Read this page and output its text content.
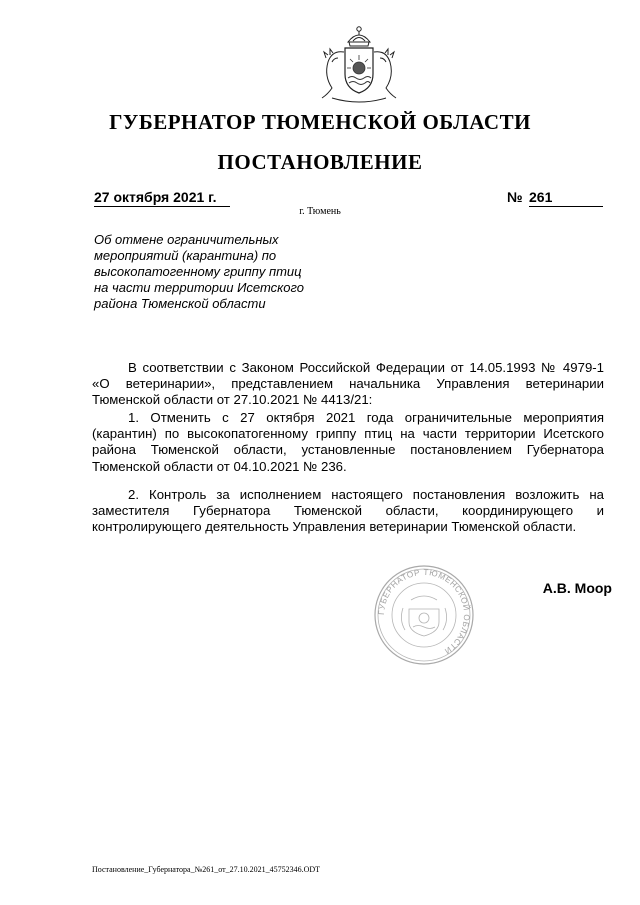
ГУБЕРНАТОР ТЮМЕНСКОЙ ОБЛАСТИ
ПОСТАНОВЛЕНИЕ
27 октября 2021 г.	№ 261
г. Тюмень
Об отмене ограничительных
мероприятий (карантина) по
высокопатогенному гриппу птиц
на части территории Исетского
района Тюменской области
В соответствии с Законом Российской Федерации от 14.05.1993 № 4979-1 «О ветеринарии», представлением начальника Управления ветеринарии Тюменской области от 27.10.2021 № 4413/21:
1. Отменить с 27 октября 2021 года ограничительные мероприятия (карантин) по высокопатогенному гриппу птиц на части территории Исетского района Тюменской области, установленные постановлением Губернатора Тюменской области от 04.10.2021 № 236.
2. Контроль за исполнением настоящего постановления возложить на заместителя Губернатора Тюменской области, координирующего и контролирующего деятельность Управления ветеринарии Тюменской области.
ГУБЕРНАТОР ТЮМЕНСКОЙ ОБЛАСТИ
А.В. Моор
Постановление_Губернатора_№261_от_27.10.2021_45752346.ODT
